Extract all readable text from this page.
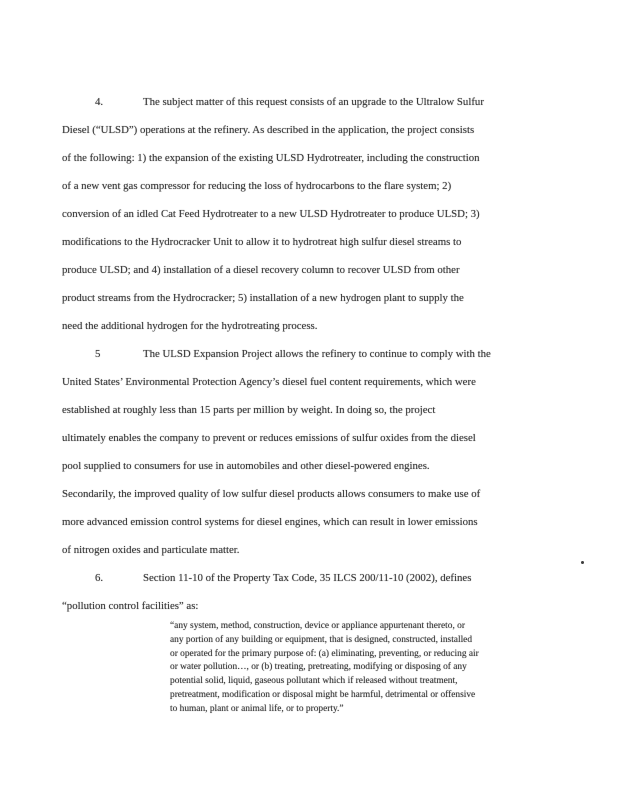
4.	The subject matter of this request consists of an upgrade to the Ultralow Sulfur
Diesel (“ULSD”) operations at the refinery. As described in the application, the project consists
of the following: 1) the expansion of the existing ULSD Hydrotreater, including the construction
of a new vent gas compressor for reducing the loss of hydrocarbons to the flare system; 2)
conversion of an idled Cat Feed Hydrotreater to a new ULSD Hydrotreater to produce ULSD; 3)
modifications to the Hydrocracker Unit to allow it to hydrotreat high sulfur diesel streams to
produce ULSD; and 4) installation of a diesel recovery column to recover ULSD from other
product streams from the Hydrocracker; 5) installation of a new hydrogen plant to supply the
need the additional hydrogen for the hydrotreating process.
5	The ULSD Expansion Project allows the refinery to continue to comply with the
United States’ Environmental Protection Agency’s diesel fuel content requirements, which were
established at roughly less than 15 parts per million by weight. In doing so, the project
ultimately enables the company to prevent or reduces emissions of sulfur oxides from the diesel
pool supplied to consumers for use in automobiles and other diesel-powered engines.
Secondarily, the improved quality of low sulfur diesel products allows consumers to make use of
more advanced emission control systems for diesel engines, which can result in lower emissions
of nitrogen oxides and particulate matter.
6.	Section 11-10 of the Property Tax Code, 35 ILCS 200/11-10 (2002), defines
“pollution control facilities” as:
“any system, method, construction, device or appliance appurtenant thereto, or
any portion of any building or equipment, that is designed, constructed, installed
or operated for the primary purpose of: (a) eliminating, preventing, or reducing air
or water pollution…, or (b) treating, pretreating, modifying or disposing of any
potential solid, liquid, gaseous pollutant which if released without treatment,
pretreatment, modification or disposal might be harmful, detrimental or offensive
to human, plant or animal life, or to property.”
